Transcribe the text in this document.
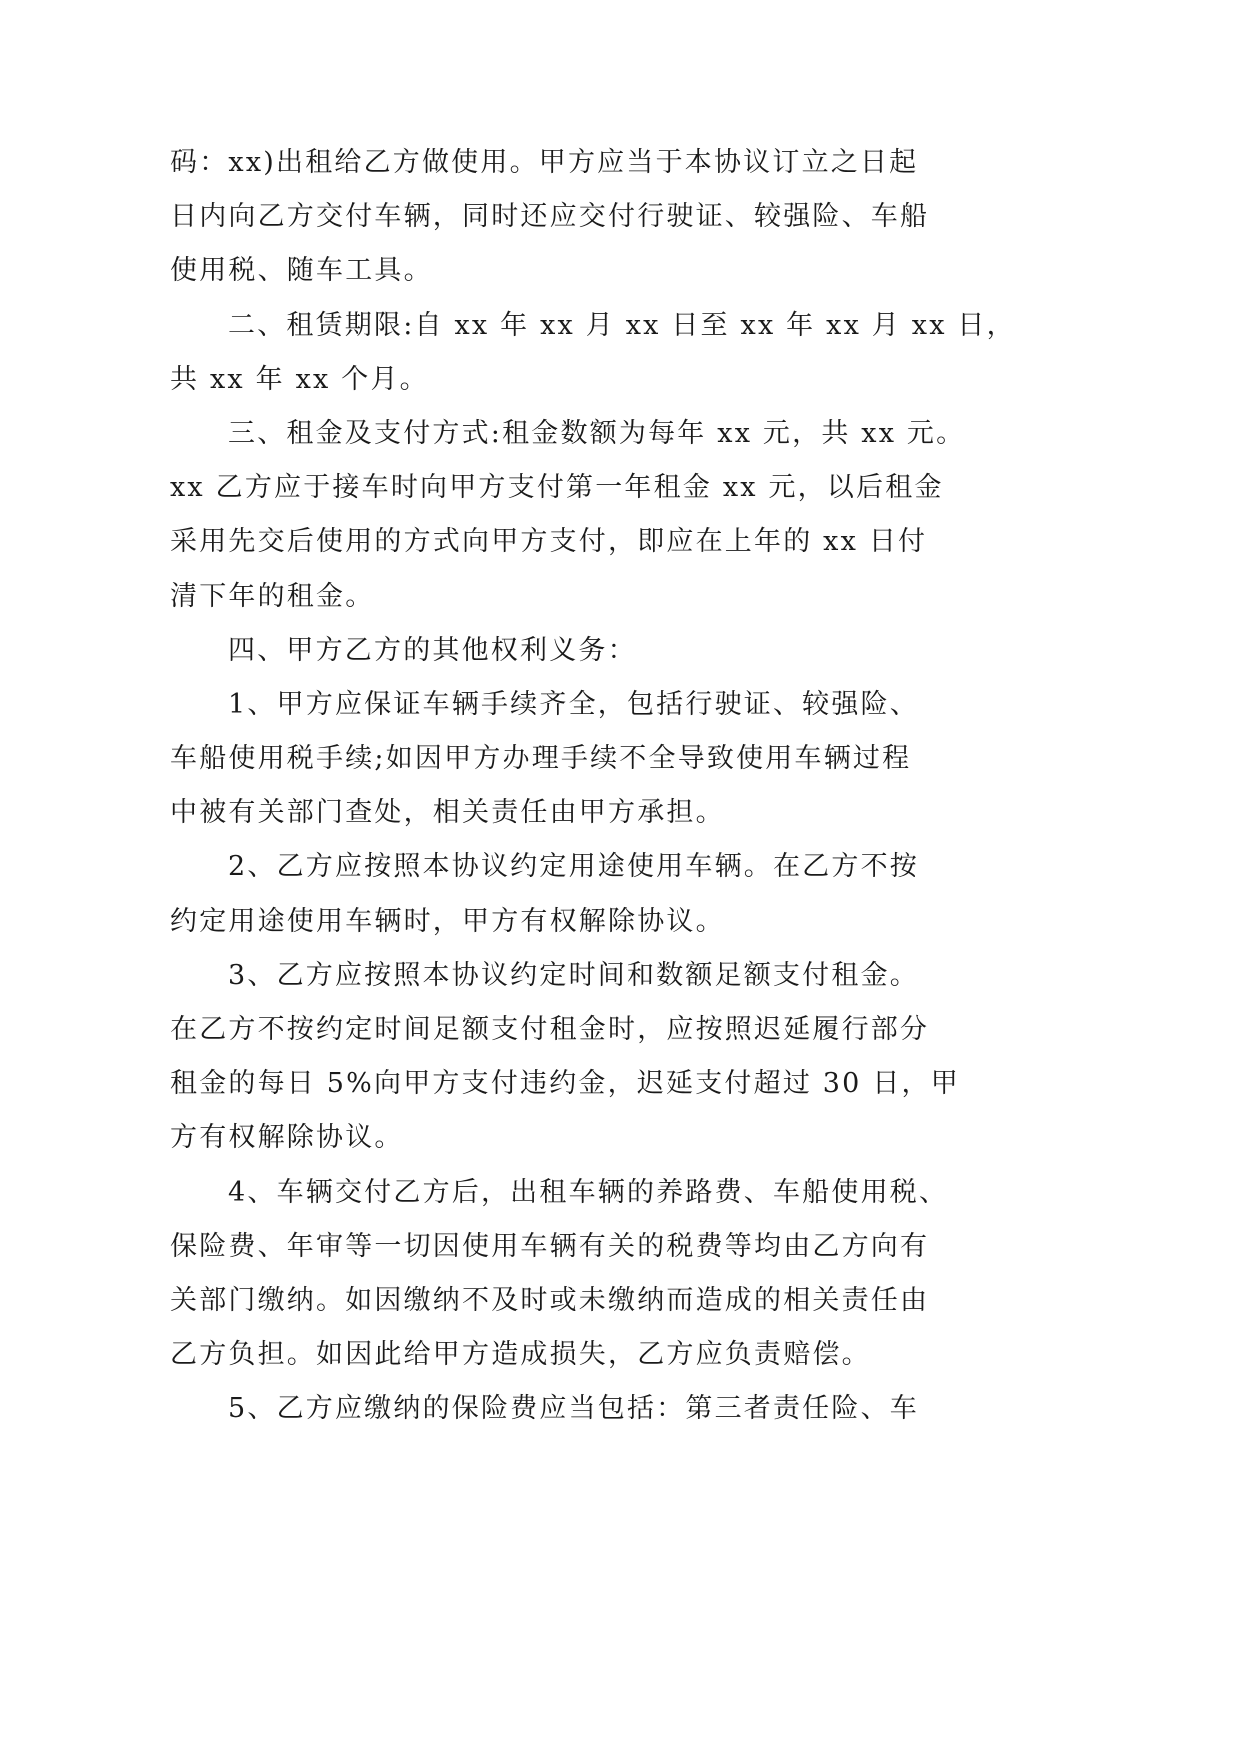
码：xx)出租给乙方做使用。甲方应当于本协议订立之日起
日内向乙方交付车辆，同时还应交付行驶证、较强险、车船
使用税、随车工具。
二、租赁期限:自 xx 年 xx 月 xx 日至 xx 年 xx 月 xx 日，
共 xx 年 xx 个月。
三、租金及支付方式:租金数额为每年 xx 元，共 xx 元。
xx 乙方应于接车时向甲方支付第一年租金 xx 元，以后租金
采用先交后使用的方式向甲方支付，即应在上年的 xx 日付
清下年的租金。
四、甲方乙方的其他权利义务：
1、甲方应保证车辆手续齐全，包括行驶证、较强险、
车船使用税手续;如因甲方办理手续不全导致使用车辆过程
中被有关部门查处，相关责任由甲方承担。
2、乙方应按照本协议约定用途使用车辆。在乙方不按
约定用途使用车辆时，甲方有权解除协议。
3、乙方应按照本协议约定时间和数额足额支付租金。
在乙方不按约定时间足额支付租金时，应按照迟延履行部分
租金的每日 5%向甲方支付违约金，迟延支付超过 30 日，甲
方有权解除协议。
4、车辆交付乙方后，出租车辆的养路费、车船使用税、
保险费、年审等一切因使用车辆有关的税费等均由乙方向有
关部门缴纳。如因缴纳不及时或未缴纳而造成的相关责任由
乙方负担。如因此给甲方造成损失，乙方应负责赔偿。
5、乙方应缴纳的保险费应当包括：第三者责任险、车
